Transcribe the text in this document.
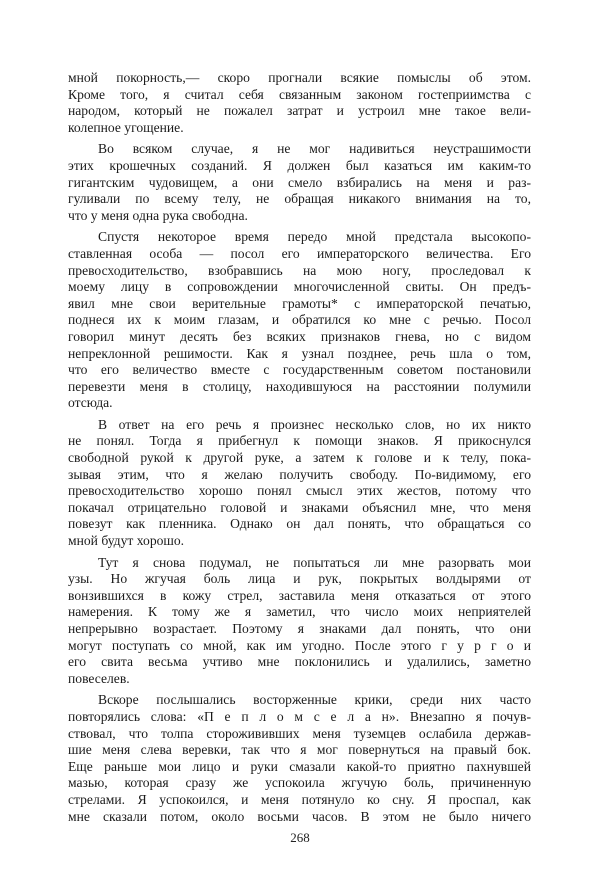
мной покорность,— скоро прогнали всякие помыслы об этом.
Кроме того, я считал себя связанным законом гостеприимства с
народом, который не пожалел затрат и устроил мне такое вели-
колепное угощение.
Во всяком случае, я не мог надивиться неустрашимости
этих крошечных созданий. Я должен был казаться им каким-то
гигантским чудовищем, а они смело взбирались на меня и раз-
гуливали по всему телу, не обращая никакого внимания на то,
что у меня одна рука свободна.
Спустя некоторое время передо мной предстала высокопо-
ставленная особа — посол его императорского величества. Его
превосходительство, взобравшись на мою ногу, проследовал к
моему лицу в сопровождении многочисленной свиты. Он предъ-
явил мне свои верительные грамоты* с императорской печатью,
поднеся их к моим глазам, и обратился ко мне с речью. Посол
говорил минут десять без всяких признаков гнева, но с видом
непреклонной решимости. Как я узнал позднее, речь шла о том,
что его величество вместе с государственным советом постановили
перевезти меня в столицу, находившуюся на расстоянии полумили
отсюда.
В ответ на его речь я произнес несколько слов, но их никто
не понял. Тогда я прибегнул к помощи знаков. Я прикоснулся
свободной рукой к другой руке, а затем к голове и к телу, пока-
зывая этим, что я желаю получить свободу. По-видимому, его
превосходительство хорошо понял смысл этих жестов, потому что
покачал отрицательно головой и знаками объяснил мне, что меня
повезут как пленника. Однако он дал понять, что обращаться со
мной будут хорошо.
Тут я снова подумал, не попытаться ли мне разорвать мои
узы. Но жгучая боль лица и рук, покрытых волдырями от
вонзившихся в кожу стрел, заставила меня отказаться от этого
намерения. К тому же я заметил, что число моих неприятелей
непрерывно возрастает. Поэтому я знаками дал понять, что они
могут поступать со мной, как им угодно. После этого г у р г о и
его свита весьма учтиво мне поклонились и удалились, заметно
повеселев.
Вскоре послышались восторженные крики, среди них часто
повторялись слова: «П е п л о м с е л а н». Внезапно я почув-
ствовал, что толпа сторожививших меня туземцев ослабила держав-
шие меня слева веревки, так что я мог повернуться на правый бок.
Еще раньше мои лицо и руки смазали какой-то приятно пахнувшей
мазью, которая сразу же успокоила жгучую боль, причиненную
стрелами. Я успокоился, и меня потянуло ко сну. Я проспал, как
мне сказали потом, около восьми часов. В этом не было ничего
268
